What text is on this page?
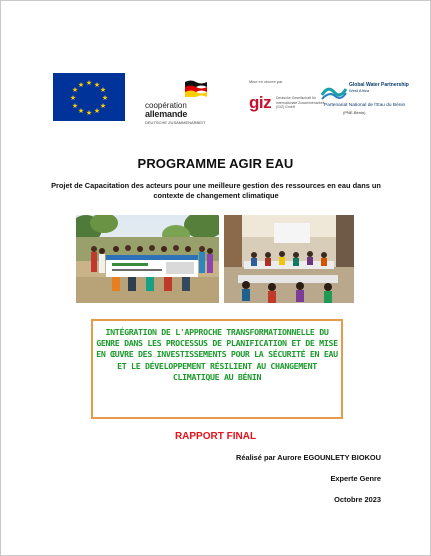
★ ★
★
★
★
★
★
★
★
★
★
★
coopération
allemande
DEUTSCHE ZUSAMMENARBEIT
Mise en œuvre par
giz Deutsche Gesellschaft für Internationale Zusammenarbeit (GIZ) GmbH
Global Water Partnership
West Africa
Partenariat National de l'Eau du Bénin
(PNE-Bénin)
PROGRAMME AGIR EAU
Projet de Capacitation des acteurs pour une meilleure gestion des ressources en eau dans un contexte de changement climatique
INTÉGRATION DE L'APPROCHE TRANSFORMATIONNELLE DU GENRE DANS LES PROCESSUS DE PLANIFICATION ET DE MISE EN ŒUVRE DES INVESTISSEMENTS POUR LA SÉCURITÉ EN EAU ET LE DÉVELOPPEMENT RÉSILIENT AU CHANGEMENT CLIMATIQUE AU BÉNIN
RAPPORT FINAL
Réalisé par Aurore EGOUNLETY BIOKOU
Experte Genre
Octobre 2023
